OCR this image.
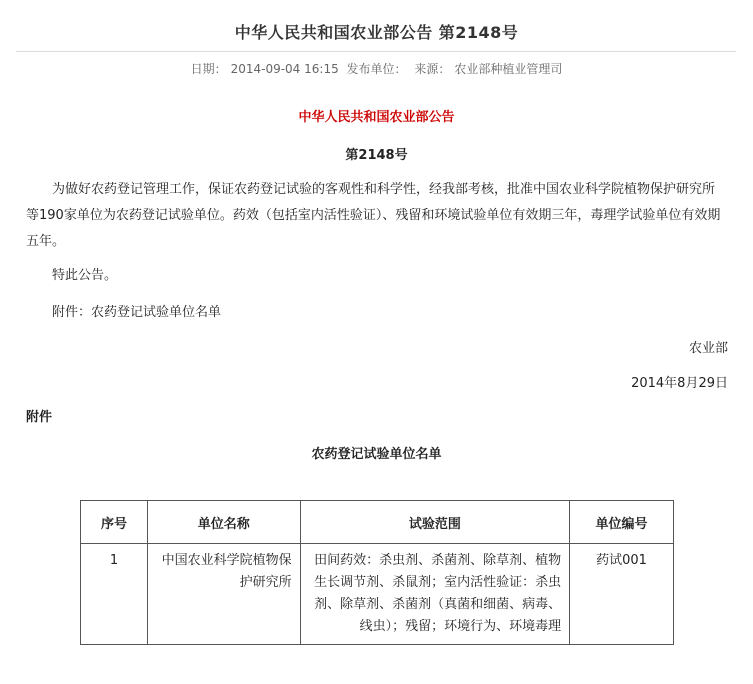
中华人民共和国农业部公告 第2148号
日期： 2014-09-04 16:15 发布单位： 来源： 农业部种植业管理司
中华人民共和国农业部公告
第2148号
为做好农药登记管理工作，保证农药登记试验的客观性和科学性，经我部考核，批准中国农业科学院植物保护研究所等190家单位为农药登记试验单位。药效（包括室内活性验证）、残留和环境试验单位有效期三年，毒理学试验单位有效期五年。
特此公告。
附件：农药登记试验单位名单
农业部
2014年8月29日
附件
农药登记试验单位名单
序号	单位名称	试验范围	单位编号
1	中国农业科学院植物保护研究所	田间药效：杀虫剂、杀菌剂、除草剂、植物生长调节剂、杀鼠剂；室内活性验证：杀虫剂、除草剂、杀菌剂（真菌和细菌、病毒、线虫）；残留；环境行为、环境毒理	药试001
